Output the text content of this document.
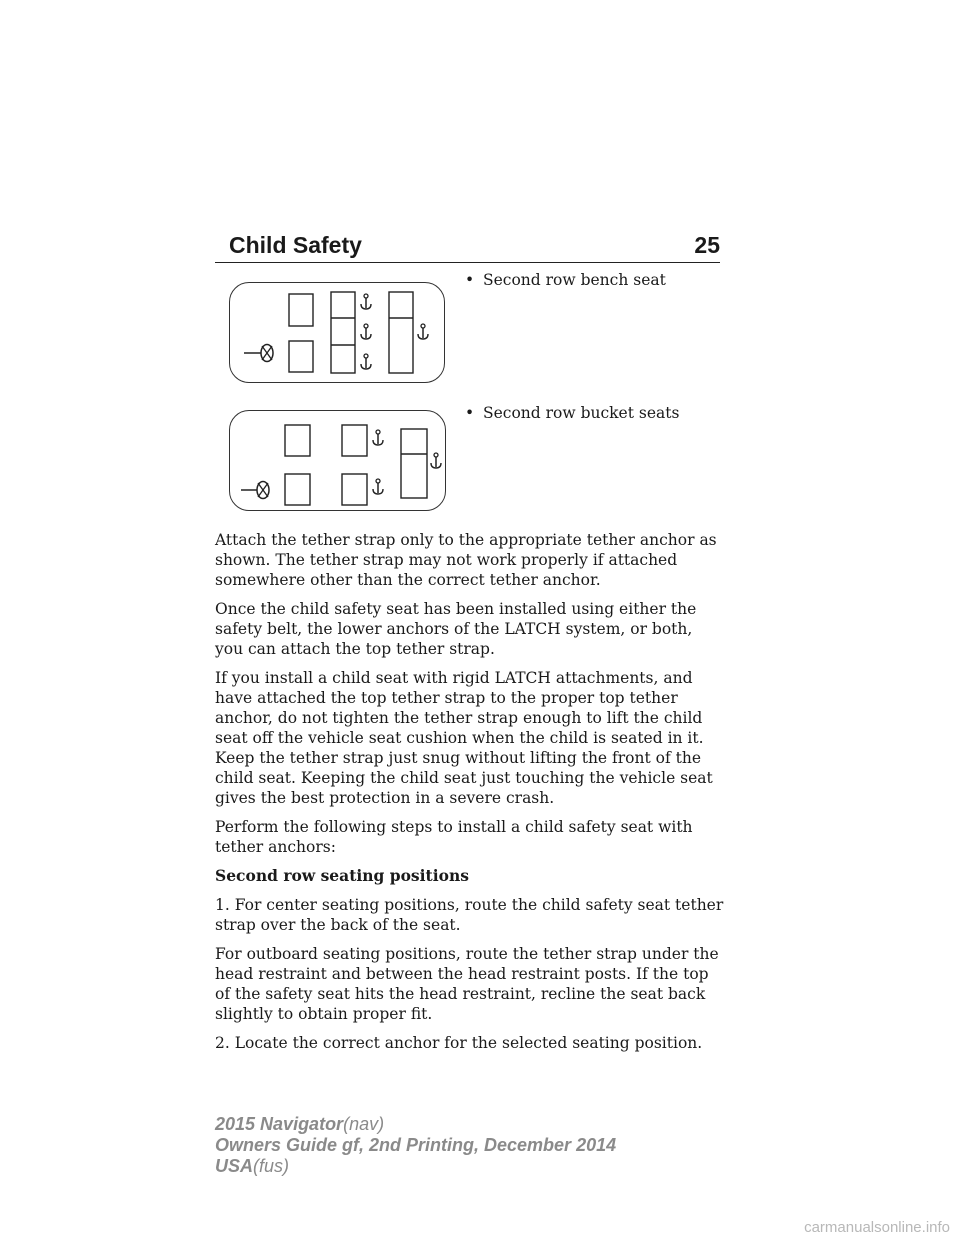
Child Safety	25
• Second row bench seat
• Second row bucket seats

Attach the tether strap only to the appropriate tether anchor as shown. The tether strap may not work properly if attached somewhere other than the correct tether anchor.

Once the child safety seat has been installed using either the safety belt, the lower anchors of the LATCH system, or both, you can attach the top tether strap.

If you install a child seat with rigid LATCH attachments, and have attached the top tether strap to the proper top tether anchor, do not tighten the tether strap enough to lift the child seat off the vehicle seat cushion when the child is seated in it. Keep the tether strap just snug without lifting the front of the child seat. Keeping the child seat just touching the vehicle seat gives the best protection in a severe crash.

Perform the following steps to install a child safety seat with tether anchors:

Second row seating positions

1. For center seating positions, route the child safety seat tether strap over the back of the seat.

For outboard seating positions, route the tether strap under the head restraint and between the head restraint posts. If the top of the safety seat hits the head restraint, recline the seat back slightly to obtain proper fit.

2. Locate the correct anchor for the selected seating position.

2015 Navigator(nav)
Owners Guide gf, 2nd Printing, December 2014
USA(fus)
carmanualsonline.info
